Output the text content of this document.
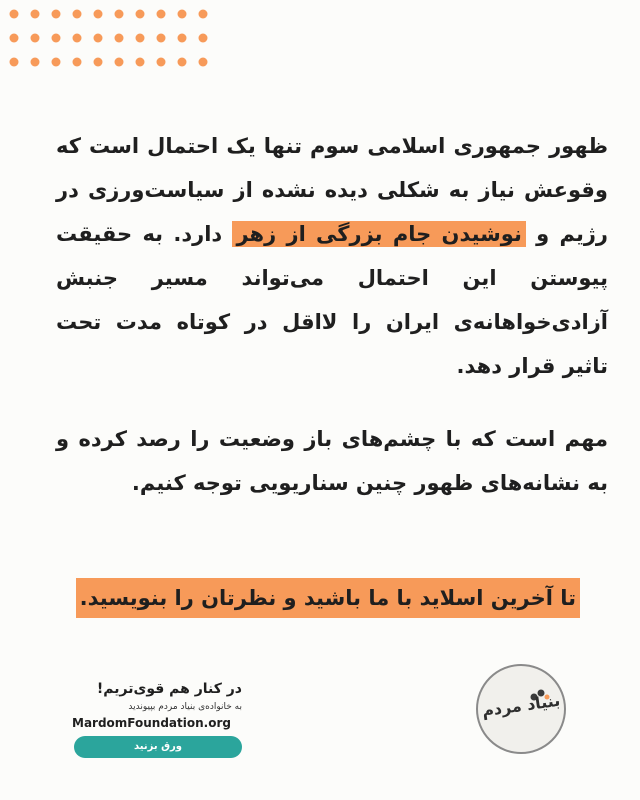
ظهور جمهوری اسلامی سوم تنها یک احتمال است که وقوعش نیاز به شکلی دیده نشده از سیاست‌ورزی در رژیم و نوشیدن جام بزرگی از زهر دارد. به حقیقت پیوستن این احتمال می‌تواند مسیر جنبش آزادی‌خواهانه‌ی ایران را لااقل در کوتاه مدت تحت تاثیر قرار دهد.

مهم است که با چشم‌های باز وضعیت را رصد کرده و به نشانه‌های ظهور چنین سناریویی توجه کنیم.

تا آخرین اسلاید با ما باشید و نظرتان را بنویسید.

در کنار هم قوی‌تریم!

به خانواده‌ی بنیاد مردم بپیوندید

MardomFoundation.org

ورق بزنید
بنیاد مردم
